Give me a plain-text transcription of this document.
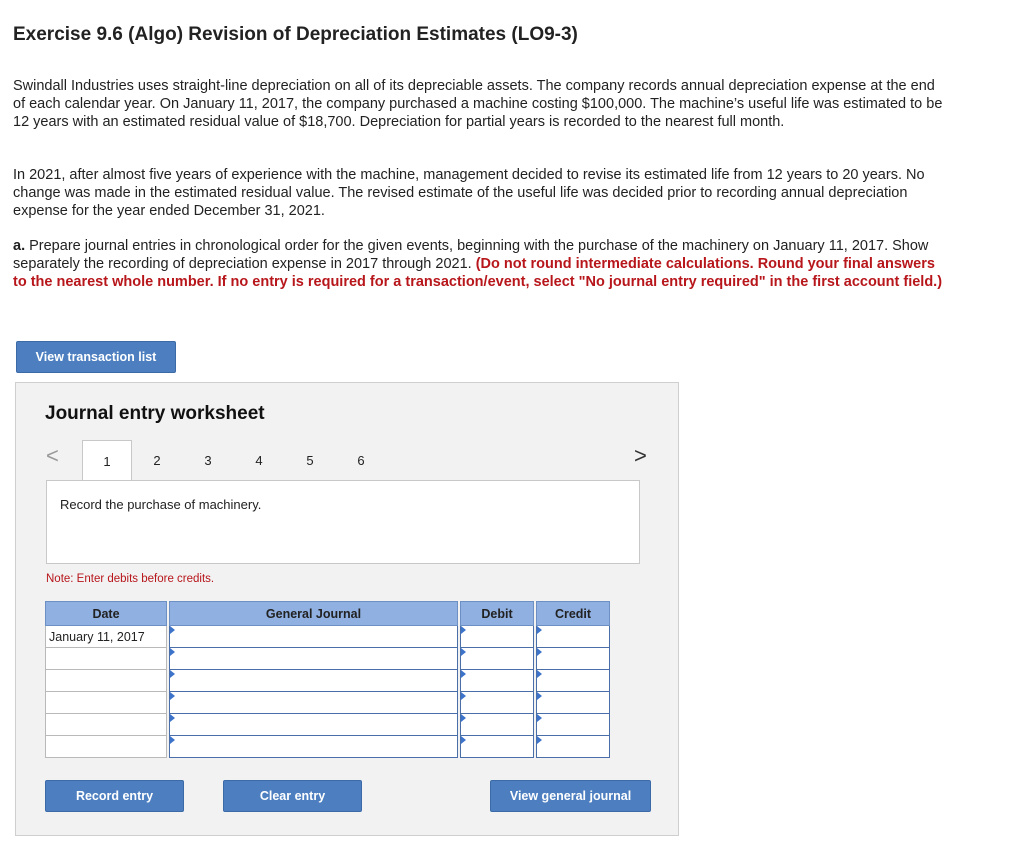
Exercise 9.6 (Algo) Revision of Depreciation Estimates (LO9-3)

Swindall Industries uses straight-line depreciation on all of its depreciable assets. The company records annual depreciation expense at the end of each calendar year. On January 11, 2017, the company purchased a machine costing $100,000. The machine’s useful life was estimated to be 12 years with an estimated residual value of $18,700. Depreciation for partial years is recorded to the nearest full month.

In 2021, after almost five years of experience with the machine, management decided to revise its estimated life from 12 years to 20 years. No change was made in the estimated residual value. The revised estimate of the useful life was decided prior to recording annual depreciation expense for the year ended December 31, 2021.

a. Prepare journal entries in chronological order for the given events, beginning with the purchase of the machinery on January 11, 2017. Show separately the recording of depreciation expense in 2017 through 2021. (Do not round intermediate calculations. Round your final answers to the nearest whole number. If no entry is required for a transaction/event, select "No journal entry required" in the first account field.)

View transaction list
Journal entry worksheet
<	1	2	3	4	5	6	>
Record the purchase of machinery.
Note: Enter debits before credits.
Date		General Journal		Debit		Credit
January 11, 2017		

Record entry	Clear entry	View general journal
